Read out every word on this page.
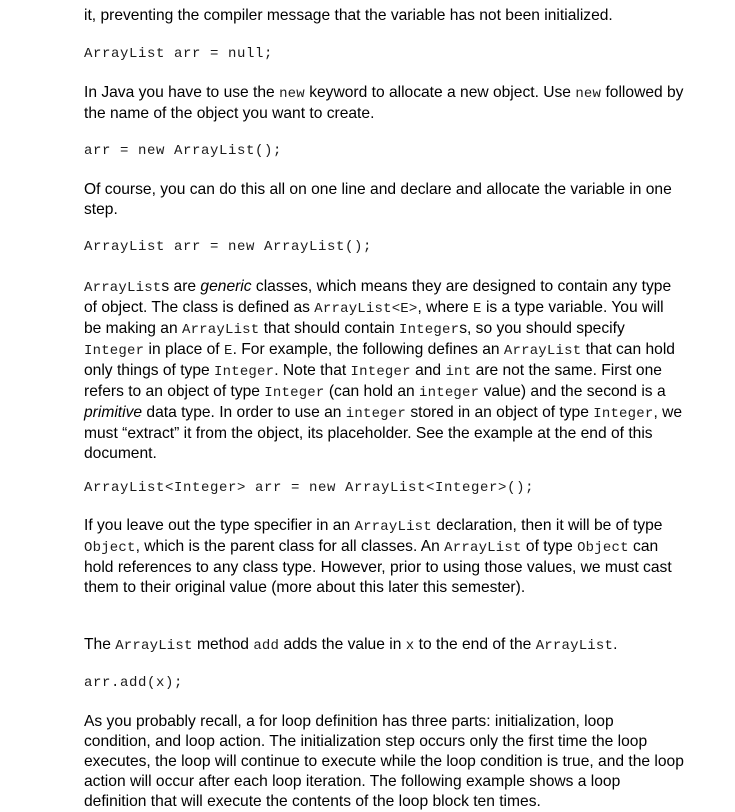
it, preventing the compiler message that the variable has not been initialized.

ArrayList arr = null;

In Java you have to use the new keyword to allocate a new object. Use new followed by the name of the object you want to create.

arr = new ArrayList();

Of course, you can do this all on one line and declare and allocate the variable in one step.

ArrayList arr = new ArrayList();

ArrayLists are generic classes, which means they are designed to contain any type of object. The class is defined as ArrayList<E>, where E is a type variable. You will be making an ArrayList that should contain Integers, so you should specify Integer in place of E. For example, the following defines an ArrayList that can hold only things of type Integer. Note that Integer and int are not the same. First one refers to an object of type Integer (can hold an integer value) and the second is a primitive data type. In order to use an integer stored in an object of type Integer, we must “extract” it from the object, its placeholder. See the example at the end of this document.

ArrayList<Integer> arr = new ArrayList<Integer>();

If you leave out the type specifier in an ArrayList declaration, then it will be of type Object, which is the parent class for all classes. An ArrayList of type Object can hold references to any class type. However, prior to using those values, we must cast them to their original value (more about this later this semester).

The ArrayList method add adds the value in x to the end of the ArrayList.

arr.add(x);

As you probably recall, a for loop definition has three parts: initialization, loop condition, and loop action. The initialization step occurs only the first time the loop executes, the loop will continue to execute while the loop condition is true, and the loop action will occur after each loop iteration. The following example shows a loop definition that will execute the contents of the loop block ten times.
